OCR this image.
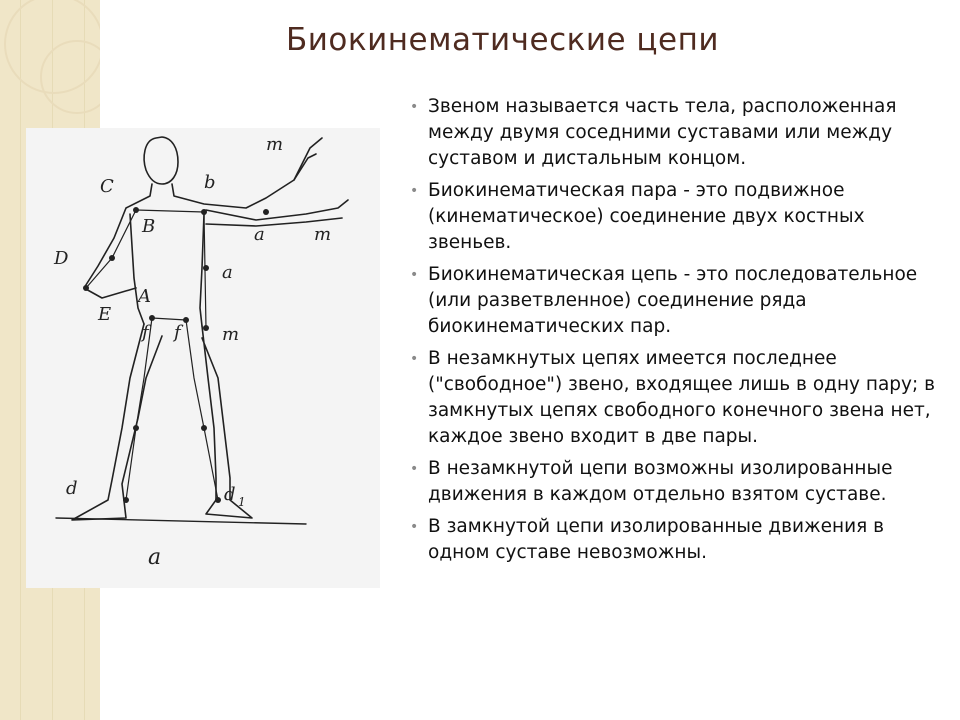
Биокинематические цепи
C	b
m
B	a	m
D
A
a
E
f f m
d	d 1
a
• Звеном называется часть тела, расположенная между двумя соседними суставами или между суставом и дистальным концом.
• Биокинематическая пара - это подвижное (кинематическое) соединение двух костных звеньев.
• Биокинематическая цепь - это последовательное (или разветвленное) соединение ряда биокинематических пар.
• В незамкнутых цепях имеется последнее ("свободное") звено, входящее лишь в одну пару; в замкнутых цепях свободного конечного звена нет, каждое звено входит в две пары.
• В незамкнутой цепи возможны изолированные движения в каждом отдельно взятом суставе.
• В замкнутой цепи изолированные движения в одном суставе невозможны.
